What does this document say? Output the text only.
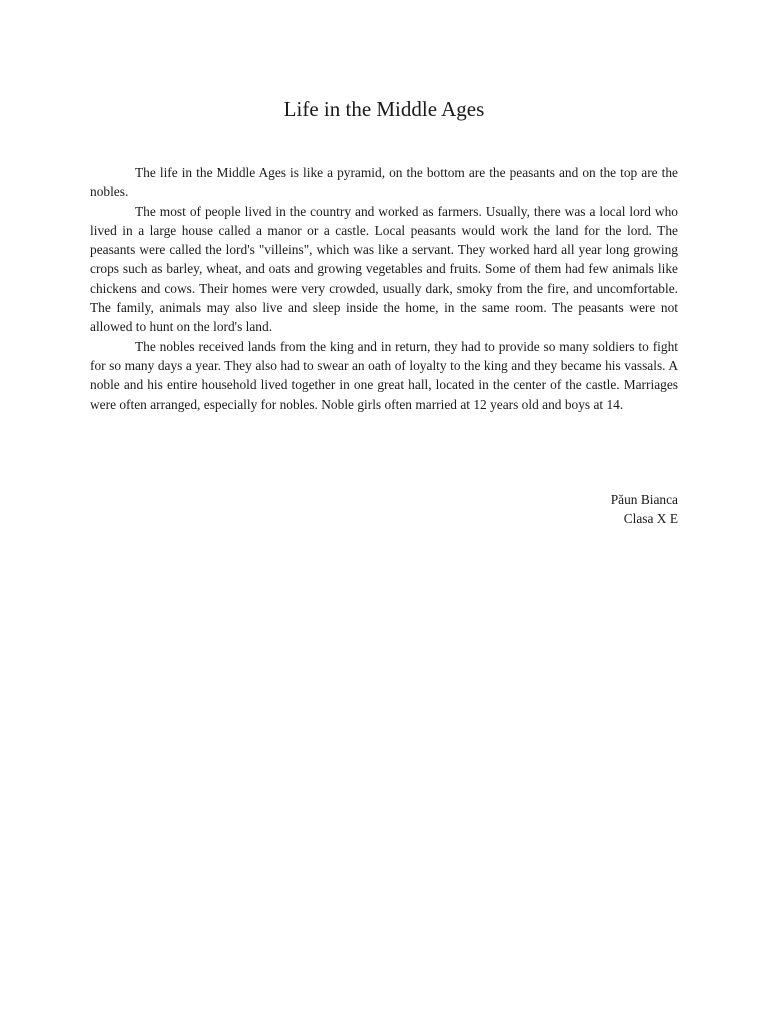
Life in the Middle Ages

The life in the Middle Ages is like a pyramid, on the bottom are the peasants and on the top are the nobles.

The most of people lived in the country and worked as farmers. Usually, there was a local lord who lived in a large house called a manor or a castle. Local peasants would work the land for the lord. The peasants were called the lord's "villeins", which was like a servant. They worked hard all year long growing crops such as barley, wheat, and oats and growing vegetables and fruits. Some of them had few animals like chickens and cows. Their homes were very crowded, usually dark, smoky from the fire, and uncomfortable. The family, animals may also live and sleep inside the home, in the same room. The peasants were not allowed to hunt on the lord's land.

The nobles received lands from the king and in return, they had to provide so many soldiers to fight for so many days a year. They also had to swear an oath of loyalty to the king and they became his vassals. A noble and his entire household lived together in one great hall, located in the center of the castle. Marriages were often arranged, especially for nobles. Noble girls often married at 12 years old and boys at 14.

Păun Bianca
Clasa X E
